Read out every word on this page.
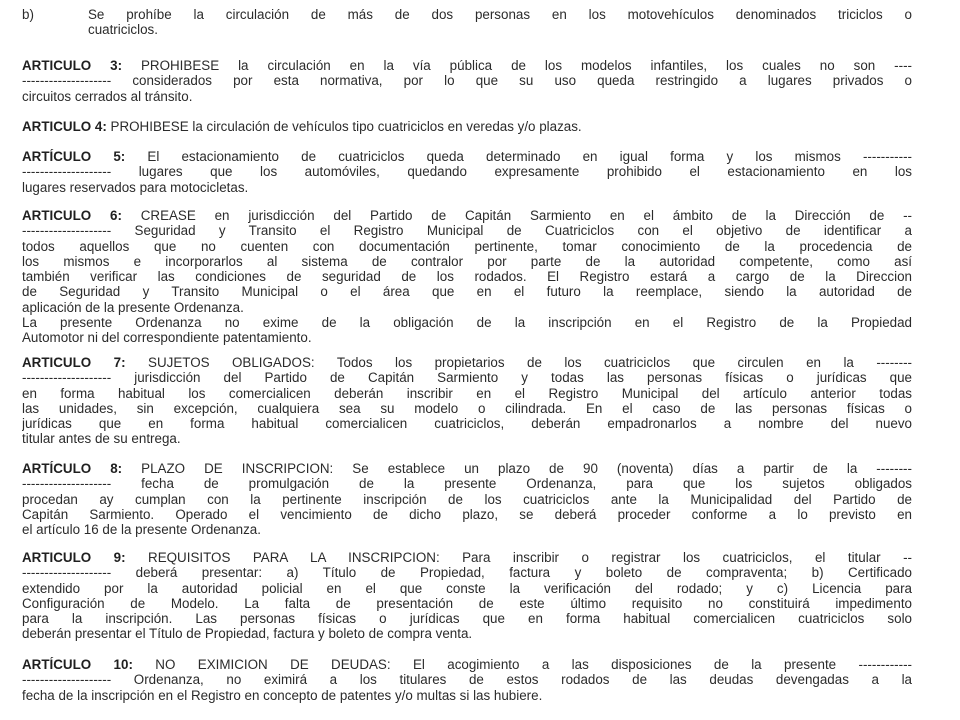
b)	Se prohíbe la circulación de más de dos personas en los motovehículos denominados triciclos o
cuatriciclos.
ARTICULO 3: PROHIBESE la circulación en la vía pública de los modelos infantiles, los cuales no son ----
-------------------- considerados por esta normativa, por lo que su uso queda restringido a lugares privados o
circuitos cerrados al tránsito.
ARTICULO 4: PROHIBESE la circulación de vehículos tipo cuatriciclos en veredas y/o plazas.
ARTÍCULO 5: El estacionamiento de cuatriciclos queda determinado en igual forma y los mismos -----------
-------------------- lugares que los automóviles, quedando expresamente prohibido el estacionamiento en los
lugares reservados para motocicletas.
ARTICULO 6: CREASE en jurisdicción del Partido de Capitán Sarmiento en el ámbito de la Dirección de --
-------------------- Seguridad y Transito el Registro Municipal de Cuatriciclos con el objetivo de identificar a
todos aquellos que no cuenten con documentación pertinente, tomar conocimiento de la procedencia de
los mismos e incorporarlos al sistema de contralor por parte de la autoridad competente, como así
también verificar las condiciones de seguridad de los rodados. El Registro estará a cargo de la Direccion
de Seguridad y Transito Municipal o el área que en el futuro la reemplace, siendo la autoridad de
aplicación de la presente Ordenanza.
La presente Ordenanza no exime de la obligación de la inscripción en el Registro de la Propiedad
Automotor ni del correspondiente patentamiento.
ARTICULO 7: SUJETOS OBLIGADOS: Todos los propietarios de los cuatriciclos que circulen en la --------
-------------------- jurisdicción del Partido de Capitán Sarmiento y todas las personas físicas o jurídicas que
en forma habitual los comercialicen deberán inscribir en el Registro Municipal del artículo anterior todas
las unidades, sin excepción, cualquiera sea su modelo o cilindrada. En el caso de las personas físicas o
jurídicas que en forma habitual comercialicen cuatriciclos, deberán empadronarlos a nombre del nuevo
titular antes de su entrega.
ARTÍCULO 8: PLAZO DE INSCRIPCION: Se establece un plazo de 90 (noventa) días a partir de la --------
-------------------- fecha de promulgación de la presente Ordenanza, para que los sujetos obligados
procedan ay cumplan con la pertinente inscripción de los cuatriciclos ante la Municipalidad del Partido de
Capitán Sarmiento. Operado el vencimiento de dicho plazo, se deberá proceder conforme a lo previsto en
el artículo 16 de la presente Ordenanza.
ARTICULO 9: REQUISITOS PARA LA INSCRIPCION: Para inscribir o registrar los cuatriciclos, el titular --
-------------------- deberá presentar: a) Título de Propiedad, factura y boleto de compraventa; b) Certificado
extendido por la autoridad policial en el que conste la verificación del rodado; y c) Licencia para
Configuración de Modelo. La falta de presentación de este último requisito no constituirá impedimento
para la inscripción. Las personas físicas o jurídicas que en forma habitual comercialicen cuatriciclos solo
deberán presentar el Título de Propiedad, factura y boleto de compra venta.
ARTÍCULO 10: NO EXIMICION DE DEUDAS: El acogimiento a las disposiciones de la presente ------------
-------------------- Ordenanza, no eximirá a los titulares de estos rodados de las deudas devengadas a la
fecha de la inscripción en el Registro en concepto de patentes y/o multas si las hubiere.
